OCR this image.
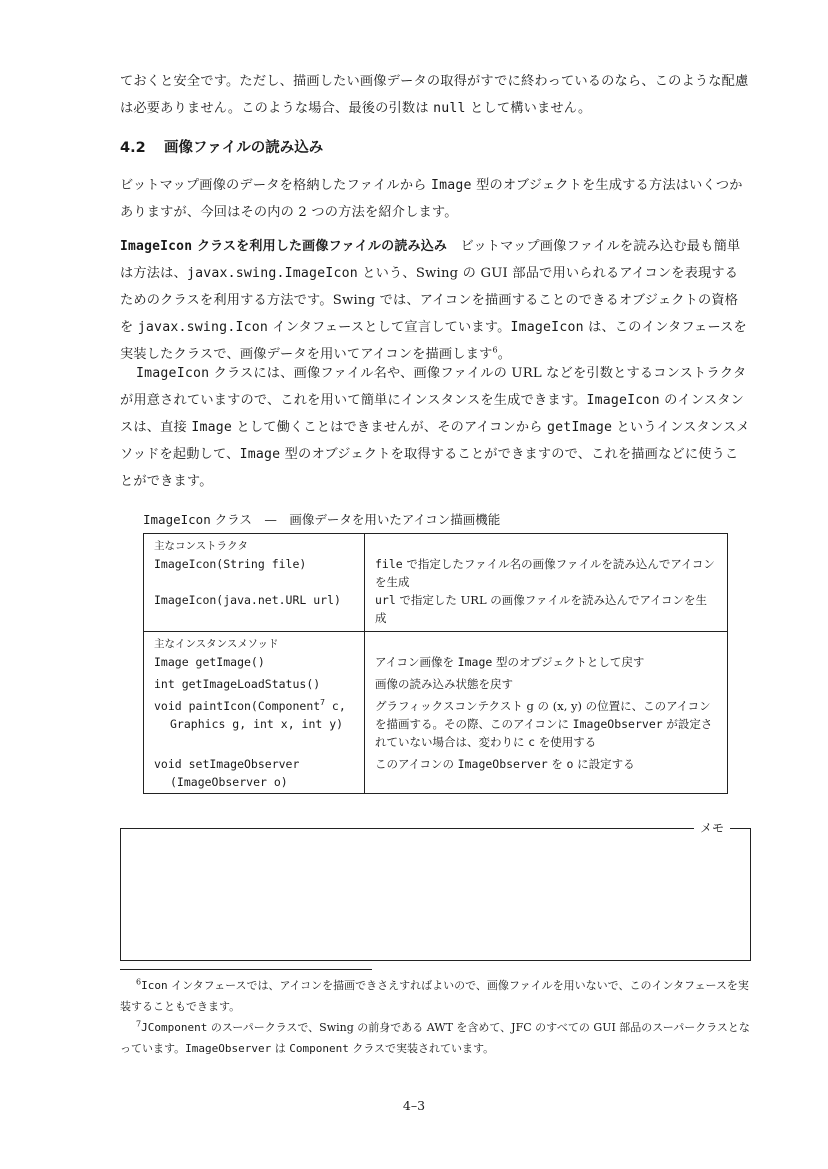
ておくと安全です。ただし、描画したい画像データの取得がすでに終わっているのなら、このような配慮は必要ありません。このような場合、最後の引数は null として構いません。
4.2 画像ファイルの読み込み
ビットマップ画像のデータを格納したファイルから Image 型のオブジェクトを生成する方法はいくつかありますが、今回はその内の 2 つの方法を紹介します。
ImageIcon クラスを利用した画像ファイルの読み込み　ビットマップ画像ファイルを読み込む最も簡単は方法は、javax.swing.ImageIcon という、Swing の GUI 部品で用いられるアイコンを表現するためのクラスを利用する方法です。Swing では、アイコンを描画することのできるオブジェクトの資格を javax.swing.Icon インタフェースとして宣言しています。ImageIcon は、このインタフェースを実装したクラスで、画像データを用いてアイコンを描画します$^6$。
ImageIcon クラスには、画像ファイル名や、画像ファイルの URL などを引数とするコンストラクタが用意されていますので、これを用いて簡単にインスタンスを生成できます。ImageIcon のインスタンスは、直接 Image として働くことはできませんが、そのアイコンから getImage というインスタンスメソッドを起動して、Image 型のオブジェクトを取得することができますので、これを描画などに使うことができます。
ImageIcon クラス　—　画像データを用いたアイコン描画機能
主なコンストラクタ	
ImageIcon(String file)	file で指定したファイル名の画像ファイルを読み込んでアイコンを生成
ImageIcon(java.net.URL url)	url で指定した URL の画像ファイルを読み込んでアイコンを生成
主なインスタンスメソッド	
Image getImage()	アイコン画像を Image 型のオブジェクトとして戻す
int getImageLoadStatus()	画像の読み込み状態を戻す
void paintIcon(Component$^7$ c,
Graphics g, int x, int y)	グラフィックスコンテクスト g の (x, y) の位置に、このアイコンを描画する。その際、このアイコンに ImageObserver が設定されていない場合は、変わりに c を使用する
void setImageObserver
(ImageObserver o)	このアイコンの ImageObserver を o に設定する
メモ
$^6$Icon インタフェースでは、アイコンを描画できさえすればよいので、画像ファイルを用いないで、このインタフェースを実装することもできます。
$^7$JComponent のスーパークラスで、Swing の前身である AWT を含めて、JFC のすべての GUI 部品のスーパークラスとなっています。ImageObserver は Component クラスで実装されています。
4–3
